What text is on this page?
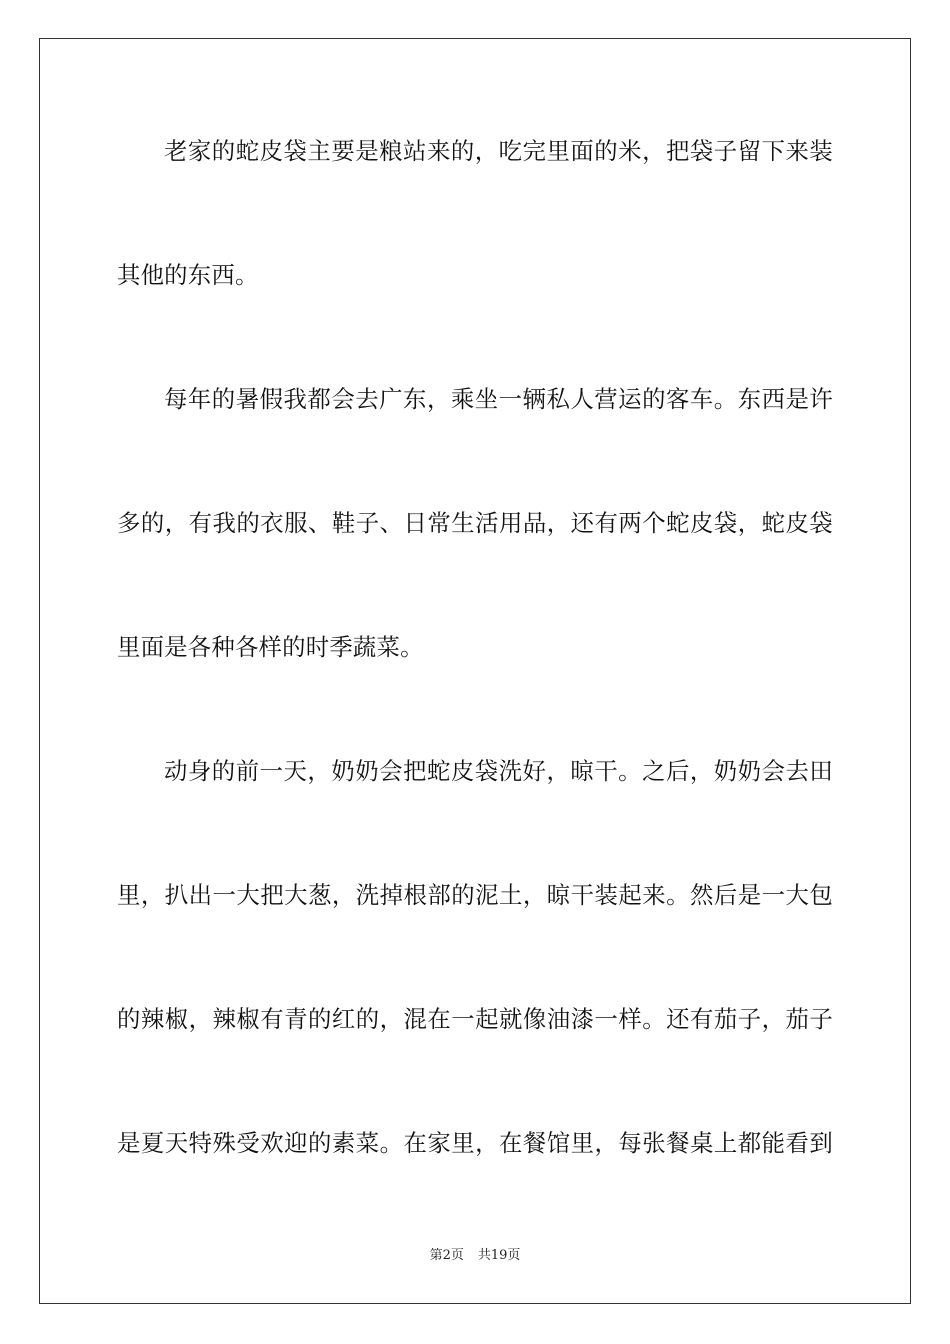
老家的蛇皮袋主要是粮站来的，吃完里面的米，把袋子留下来装
其他的东西。
每年的暑假我都会去广东，乘坐一辆私人营运的客车。东西是许
多的，有我的衣服、鞋子、日常生活用品，还有两个蛇皮袋，蛇皮袋
里面是各种各样的时季蔬菜。
动身的前一天，奶奶会把蛇皮袋洗好，晾干。之后，奶奶会去田
里，扒出一大把大葱，洗掉根部的泥土，晾干装起来。然后是一大包
的辣椒，辣椒有青的红的，混在一起就像油漆一样。还有茄子，茄子
是夏天特殊受欢迎的素菜。在家里，在餐馆里，每张餐桌上都能看到
第2页 共19页
